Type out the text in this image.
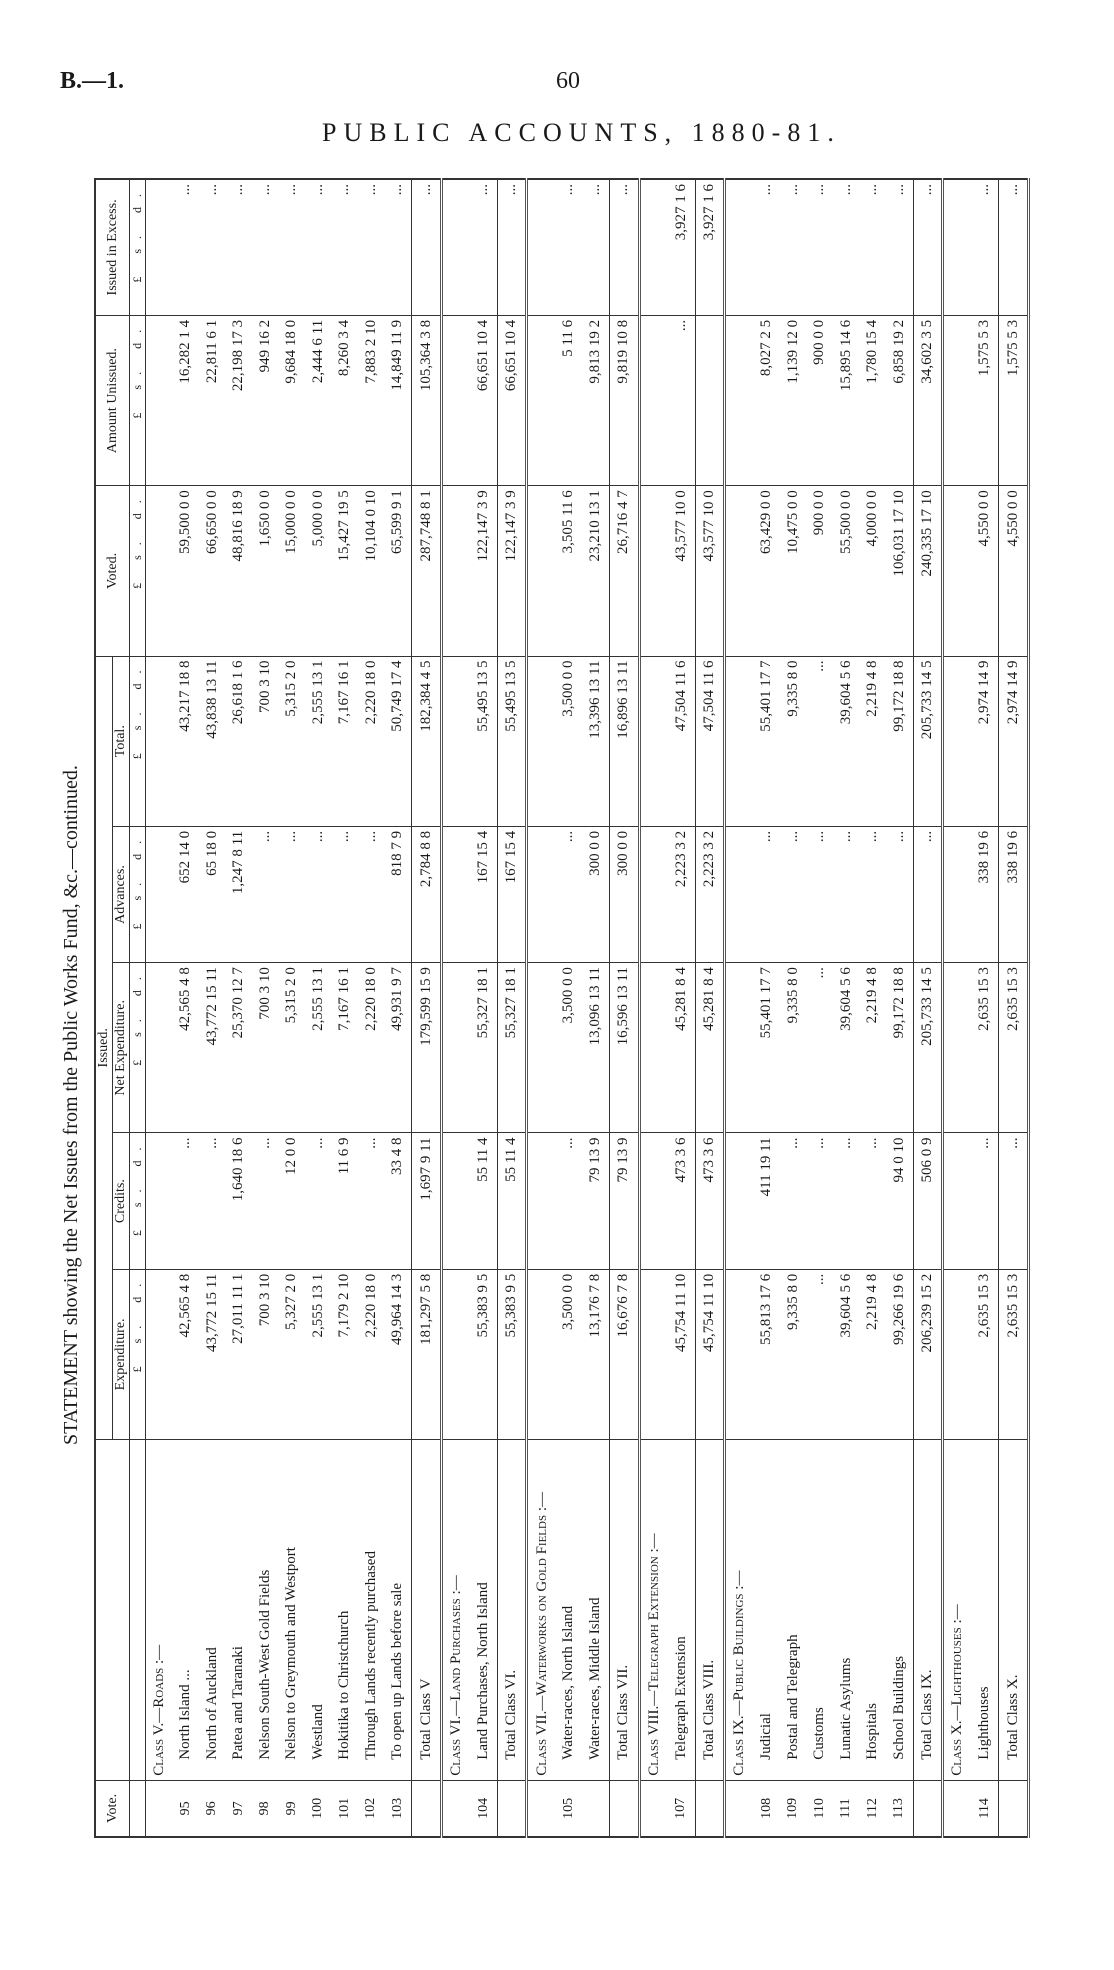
B.—1.	60
PUBLIC ACCOUNTS, 1880-81.
STATEMENT showing the Net Issues from the Public Works Fund, &c.—continued.
Vote.		Issued.					Voted.	Amount Unissued.	Issued in Excess.
		Expenditure.	Credits.	Net Expenditure.	Advances.	Total.			
		£ s. d.	£ s. d.	£ s. d.	£ s. d.	£ s. d.	£ s. d.	£ s. d.	£ s. d.
	Class V.—Roads :—								
95	North Island ...	42,565 4 8	...	42,565 4 8	652 14 0	43,217 18 8	59,500 0 0	16,282 1 4	...
96	North of Auckland	43,772 15 11	...	43,772 15 11	65 18 0	43,838 13 11	66,650 0 0	22,811 6 1	...
97	Patea and Taranaki	27,011 11 1	1,640 18 6	25,370 12 7	1,247 8 11	26,618 1 6	48,816 18 9	22,198 17 3	...
98	Nelson South-West Gold Fields	700 3 10	...	700 3 10	...	700 3 10	1,650 0 0	949 16 2	...
99	Nelson to Greymouth and Westport	5,327 2 0	12 0 0	5,315 2 0	...	5,315 2 0	15,000 0 0	9,684 18 0	...
100	Westland	2,555 13 1	...	2,555 13 1	...	2,555 13 1	5,000 0 0	2,444 6 11	...
101	Hokitika to Christchurch	7,179 2 10	11 6 9	7,167 16 1	...	7,167 16 1	15,427 19 5	8,260 3 4	...
102	Through Lands recently purchased	2,220 18 0	...	2,220 18 0	...	2,220 18 0	10,104 0 10	7,883 2 10	...
103	To open up Lands before sale	49,964 14 3	33 4 8	49,931 9 7	818 7 9	50,749 17 4	65,599 9 1	14,849 11 9	...
	Total Class V	181,297 5 8	1,697 9 11	179,599 15 9	2,784 8 8	182,384 4 5	287,748 8 1	105,364 3 8	...
	Class VI.—Land Purchases :—								
104	Land Purchases, North Island	55,383 9 5	55 11 4	55,327 18 1	167 15 4	55,495 13 5	122,147 3 9	66,651 10 4	...
	Total Class VI.	55,383 9 5	55 11 4	55,327 18 1	167 15 4	55,495 13 5	122,147 3 9	66,651 10 4	...
	Class VII.—Waterworks on Gold Fields :—								
105	Water-races, North Island	3,500 0 0	...	3,500 0 0	...	3,500 0 0	3,505 11 6	5 11 6	...
	Water-races, Middle Island	13,176 7 8	79 13 9	13,096 13 11	300 0 0	13,396 13 11	23,210 13 1	9,813 19 2	...
	Total Class VII.	16,676 7 8	79 13 9	16,596 13 11	300 0 0	16,896 13 11	26,716 4 7	9,819 10 8	...
	Class VIII.—Telegraph Extension :—								
107	Telegraph Extension	45,754 11 10	473 3 6	45,281 8 4	2,223 3 2	47,504 11 6	43,577 10 0	...	3,927 1 6
	Total Class VIII.	45,754 11 10	473 3 6	45,281 8 4	2,223 3 2	47,504 11 6	43,577 10 0		3,927 1 6
	Class IX.—Public Buildings :—								
108	Judicial	55,813 17 6	411 19 11	55,401 17 7	...	55,401 17 7	63,429 0 0	8,027 2 5	...
109	Postal and Telegraph	9,335 8 0	...	9,335 8 0	...	9,335 8 0	10,475 0 0	1,139 12 0	...
110	Customs	...	...	...	...	...	900 0 0	900 0 0	...
111	Lunatic Asylums	39,604 5 6	...	39,604 5 6	...	39,604 5 6	55,500 0 0	15,895 14 6	...
112	Hospitals	2,219 4 8	...	2,219 4 8	...	2,219 4 8	4,000 0 0	1,780 15 4	...
113	School Buildings	99,266 19 6	94 0 10	99,172 18 8	...	99,172 18 8	106,031 17 10	6,858 19 2	...
	Total Class IX.	206,239 15 2	506 0 9	205,733 14 5	...	205,733 14 5	240,335 17 10	34,602 3 5	...
	Class X.—Lighthouses :—								
114	Lighthouses	2,635 15 3	...	2,635 15 3	338 19 6	2,974 14 9	4,550 0 0	1,575 5 3	...
	Total Class X.	2,635 15 3	...	2,635 15 3	338 19 6	2,974 14 9	4,550 0 0	1,575 5 3	...
